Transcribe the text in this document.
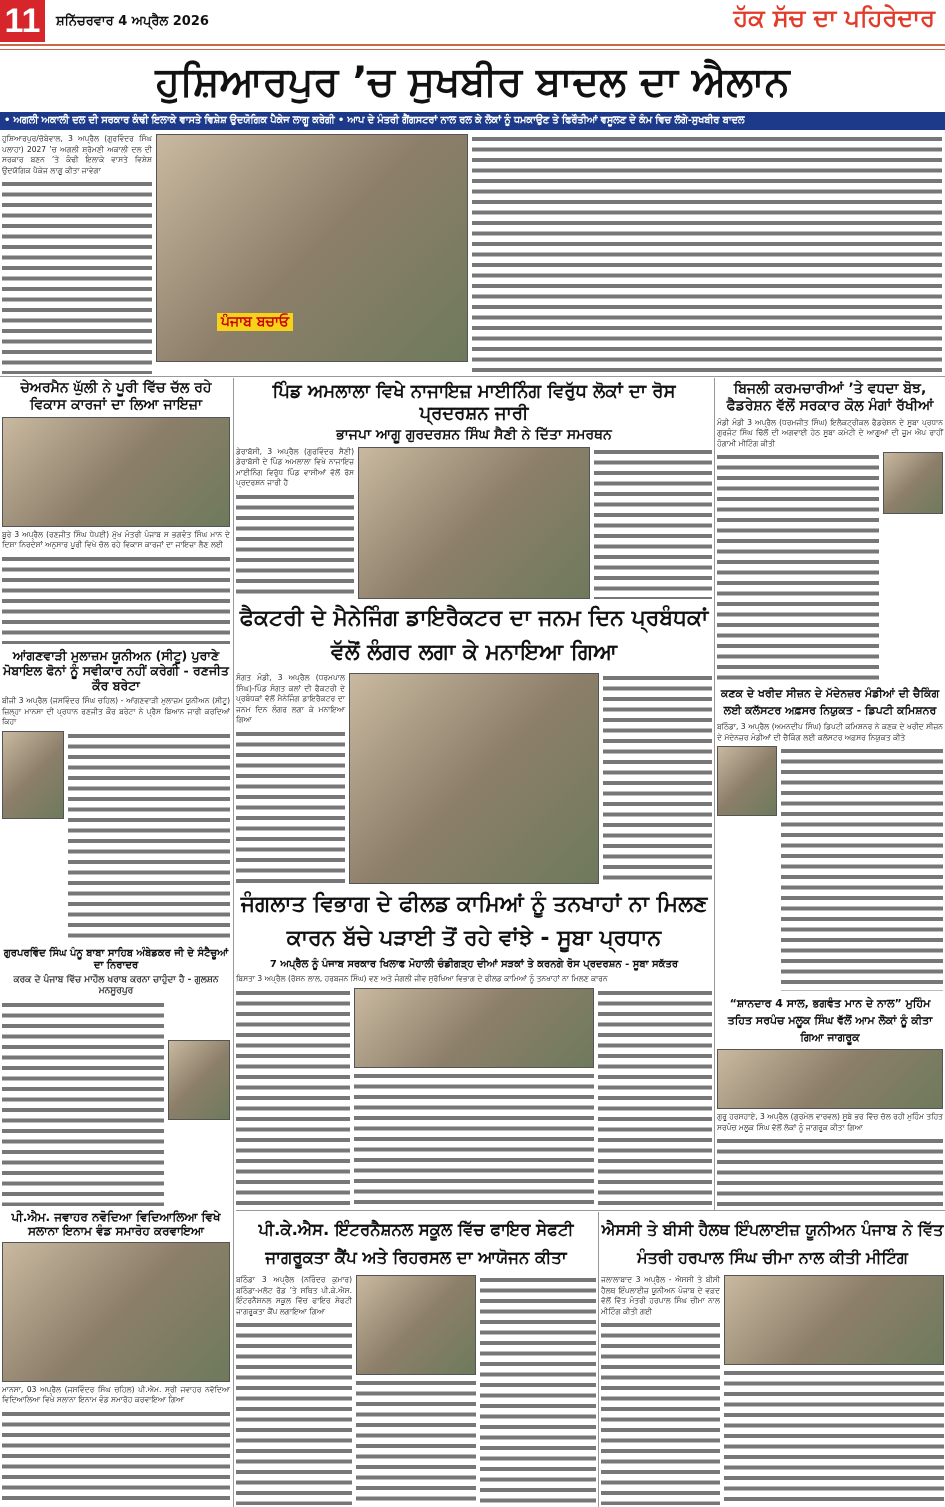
11	ਸ਼ਨਿੱਚਰਵਾਰ 4 ਅਪ੍ਰੈਲ 2026	ਹੱਕ ਸੱਚ ਦਾ ਪਹਿਰੇਦਾਰ
ਹੁਸ਼ਿਆਰਪੁਰ ’ਚ ਸੁਖਬੀਰ ਬਾਦਲ ਦਾ ਐਲਾਨ
• ਅਗਲੀ ਅਕਾਲੀ ਦਲ ਦੀ ਸਰਕਾਰ ਕੰਢੀ ਇਲਾਕੇ ਵਾਸਤੇ ਵਿਸ਼ੇਸ਼ ਉਦਯੋਗਿਕ ਪੈਕੇਜ ਲਾਗੂ ਕਰੇਗੀ • ਆਪ ਦੇ ਮੰਤਰੀ ਗੈਂਗਸਟਰਾਂ ਨਾਲ ਰਲ ਕੇ ਲੋਕਾਂ ਨੂੰ ਧਮਕਾਉਣ ਤੇ ਫਿਰੌਤੀਆਂ ਵਸੂਲਣ ਦੇ ਕੰਮ ਵਿਚ ਲੱਗੇ-ਸੁਖਬੀਰ ਬਾਦਲ
ਹੁਸ਼ਿਆਰਪੁਰ/ਚੱਬੇਵਾਲ, 3 ਅਪ੍ਰੈਲ (ਗੁਰਵਿੰਦਰ ਸਿੰਘ ਪਲਾਹਾ) 2027 ’ਚ ਅਗਲੀ ਸ਼੍ਰੋਮਣੀ ਅਕਾਲੀ ਦਲ ਦੀ ਸਰਕਾਰ ਬਣਨ ’ਤੇ ਕੰਢੀ ਇਲਾਕੇ ਵਾਸਤੇ ਵਿਸ਼ੇਸ਼ ਉਦਯੋਗਿਕ ਪੈਕੇਜ ਲਾਗੂ ਕੀਤਾ ਜਾਵੇਗਾ
ਪੰਜਾਬ ਬਚਾਓ
ਚੇਅਰਮੈਨ ਘੁੱਲੀ ਨੇ ਪੂਰੀ ਵਿੱਚ ਚੱਲ ਰਹੇ ਵਿਕਾਸ ਕਾਰਜਾਂ ਦਾ ਲਿਆ ਜਾਇਜ਼ਾ
ਬੂਰੇ 3 ਅਪ੍ਰੈਲ (ਰਣਜੀਤ ਸਿੰਘ ਧੇਪਈ) ਮੁੱਖ ਮੰਤਰੀ ਪੰਜਾਬ ਸ ਭਗਵੰਤ ਸਿੰਘ ਮਾਨ ਦੇ ਦਿਸ਼ਾ ਨਿਰਦੇਸ਼ਾਂ ਅਨੁਸਾਰ ਪੂਰੀ ਵਿਖੇ ਚੱਲ ਰਹੇ ਵਿਕਾਸ ਕਾਰਜਾਂ ਦਾ ਜਾਇਜ਼ਾ ਲੈਣ ਲਈ
ਆਂਗਣਵਾੜੀ ਮੁਲਾਜ਼ਮ ਯੂਨੀਅਨ (ਸੀਟੂ) ਪੁਰਾਣੇ ਮੋਬਾਇਲ ਫੋਨਾਂ ਨੂੰ ਸਵੀਕਾਰ ਨਹੀਂ ਕਰੇਗੀ - ਰਣਜੀਤ ਕੌਰ ਬਰੇਟਾ
ਬੀਜੀ 3 ਅਪ੍ਰੈਲ (ਜਸਵਿੰਦਰ ਸਿੰਘ ਚਹਿਲ) - ਆਂਗਣਵਾੜੀ ਮੁਲਾਜ਼ਮ ਯੂਨੀਅਨ (ਸੀਟੂ) ਜ਼ਿਲ੍ਹਾ ਮਾਨਸਾ ਦੀ ਪ੍ਰਧਾਨ ਰਣਜੀਤ ਕੌਰ ਬਰੇਟਾ ਨੇ ਪ੍ਰੈਸ ਬਿਆਨ ਜਾਰੀ ਕਰਦਿਆਂ ਕਿਹਾ
ਗੁਰਪਰਵਿੰਦ ਸਿੰਘ ਪੰਨੂ ਬਾਬਾ ਸਾਹਿਬ ਅੰਬੇਡਕਰ ਜੀ ਦੇ ਸੰਟੈਚੂਆਂ ਦਾ ਨਿਰਾਦਰ
ਕਰਕ ਦੇ ਪੰਜਾਬ ਵਿੱਚ ਮਾਹੌਲ ਖਰਾਬ ਕਰਨਾ ਚਾਹੁੰਦਾ ਹੈ - ਗੁਲਸ਼ਨ ਮਨਸੂਰਪੁਰ
ਪੀ.ਐਮ. ਜਵਾਹਰ ਨਵੋਦਿਆ ਵਿਦਿਆਲਿਆ ਵਿਖੇ ਸਲਾਨਾ ਇਨਾਮ ਵੰਡ ਸਮਾਰੋਹ ਕਰਵਾਇਆ
ਮਾਨਸਾ, 03 ਅਪ੍ਰੈਲ (ਜਸਵਿੰਦਰ ਸਿੰਘ ਚਹਿਲ) ਪੀ.ਐਮ. ਸ੍ਰੀ ਜਵਾਹਰ ਨਵੋਦਿਆ ਵਿਦਿਆਲਿਆ ਵਿਖੇ ਸਲਾਨਾ ਇਨਾਮ ਵੰਡ ਸਮਾਰੋਹ ਕਰਵਾਇਆ ਗਿਆ
ਪਿੰਡ ਅਮਲਾਲਾ ਵਿਖੇ ਨਾਜਾਇਜ਼ ਮਾਈਨਿੰਗ ਵਿਰੁੱਧ ਲੋਕਾਂ ਦਾ ਰੋਸ ਪ੍ਰਦਰਸ਼ਨ ਜਾਰੀ
ਭਾਜਪਾ ਆਗੂ ਗੁਰਦਰਸ਼ਨ ਸਿੰਘ ਸੈਣੀ ਨੇ ਦਿੱਤਾ ਸਮਰਥਨ
ਡੇਰਾਬੱਸੀ, 3 ਅਪ੍ਰੈਲ (ਗੁਰਵਿੰਦਰ ਸੈਣੀ) ਡੇਰਾਬੱਸੀ ਦੇ ਪਿੰਡ ਅਮਲਾਲਾ ਵਿਖੇ ਨਾਜਾਇਜ਼ ਮਾਈਨਿੰਗ ਵਿਰੁੱਧ ਪਿੰਡ ਵਾਸੀਆਂ ਵੱਲੋਂ ਰੋਸ ਪ੍ਰਦਰਸ਼ਨ ਜਾਰੀ ਹੈ
ਫੈਕਟਰੀ ਦੇ ਮੈਨੇਜਿੰਗ ਡਾਇਰੈਕਟਰ ਦਾ ਜਨਮ ਦਿਨ ਪ੍ਰਬੰਧਕਾਂ ਵੱਲੋਂ ਲੰਗਰ ਲਗਾ ਕੇ ਮਨਾਇਆ ਗਿਆ
ਸੰਗਤ ਮੰਡੀ, 3 ਅਪ੍ਰੈਲ (ਧਰਮਪਾਲ ਸਿੰਘ)-ਪਿੰਡ ਸੰਗਤ ਕਲਾਂ ਦੀ ਫੈਕਟਰੀ ਦੇ ਪ੍ਰਬੰਧਕਾਂ ਵੱਲੋਂ ਮੈਨੇਜਿੰਗ ਡਾਇਰੈਕਟਰ ਦਾ ਜਨਮ ਦਿਨ ਲੰਗਰ ਲਗਾ ਕੇ ਮਨਾਇਆ ਗਿਆ
ਜੰਗਲਾਤ ਵਿਭਾਗ ਦੇ ਫੀਲਡ ਕਾਮਿਆਂ ਨੂੰ ਤਨਖਾਹਾਂ ਨਾ ਮਿਲਣ ਕਾਰਨ ਬੱਚੇ ਪੜਾਈ ਤੋਂ ਰਹੇ ਵਾਂਝੇ - ਸੂਬਾ ਪ੍ਰਧਾਨ
7 ਅਪ੍ਰੈਲ ਨੂੰ ਪੰਜਾਬ ਸਰਕਾਰ ਖਿਲਾਫ ਮੋਹਾਲੀ ਚੰਡੀਗੜ੍ਹ ਦੀਆਂ ਸੜਕਾਂ ਤੇ ਕਰਨਗੇ ਰੋਸ ਪ੍ਰਦਰਸ਼ਨ - ਸੂਬਾ ਸਕੱਤਰ
ਬਿਸਤਾ 3 ਅਪ੍ਰੈਲ (ਰੋਸ਼ਨ ਲਾਲ, ਹਰਬਜਨ ਸਿੰਘ) ਵਣ ਅਤੇ ਜੰਗਲੀ ਜੀਵ ਸੁਰੱਖਿਆ ਵਿਭਾਗ ਦੇ ਫੀਲਡ ਕਾਮਿਆਂ ਨੂੰ ਤਨਖਾਹਾਂ ਨਾ ਮਿਲਣ ਕਾਰਨ
ਬਿਜਲੀ ਕਰਮਚਾਰੀਆਂ ’ਤੇ ਵਧਦਾ ਬੋਝ, ਫੈਡਰੇਸ਼ਨ ਵੱਲੋਂ ਸਰਕਾਰ ਕੋਲ ਮੰਗਾਂ ਰੱਖੀਆਂ
ਮੰਡੀ ਮੰਡੀ 3 ਅਪ੍ਰੈਲ (ਧਰਮਜੀਤ ਸਿੰਘ) ਇਲੈਕਟ੍ਰੀਕਲ ਫੈਡਰੇਸ਼ਨ ਦੇ ਸੂਬਾ ਪ੍ਰਧਾਨ ਗੁਰਜੰਟ ਸਿੰਘ ਢਿੱਲੋਂ ਦੀ ਅਗਵਾਈ ਹੇਠ ਸੂਬਾ ਕਮੇਟੀ ਦੇ ਆਗੂਆਂ ਦੀ ਜ਼ੂਮ ਐਪ ਰਾਹੀਂ ਹੰਗਾਮੀ ਮੀਟਿੰਗ ਕੀਤੀ
ਕਣਕ ਦੇ ਖਰੀਦ ਸੀਜ਼ਨ ਦੇ ਮੱਦੇਨਜ਼ਰ ਮੰਡੀਆਂ ਦੀ ਚੈਕਿੰਗ ਲਈ ਕਲੱਸਟਰ ਅਫ਼ਸਰ ਨਿਯੁਕਤ - ਡਿਪਟੀ ਕਮਿਸ਼ਨਰ
ਬਠਿੰਡਾ, 3 ਅਪ੍ਰੈਲ (ਅਮਨਦੀਪ ਸਿੰਘ) ਡਿਪਟੀ ਕਮਿਸ਼ਨਰ ਨੇ ਕਣਕ ਦੇ ਖਰੀਦ ਸੀਜ਼ਨ ਦੇ ਮੱਦੇਨਜ਼ਰ ਮੰਡੀਆਂ ਦੀ ਚੈਕਿੰਗ ਲਈ ਕਲੱਸਟਰ ਅਫ਼ਸਰ ਨਿਯੁਕਤ ਕੀਤੇ
“ਸ਼ਾਨਦਾਰ 4 ਸਾਲ, ਭਗਵੰਤ ਮਾਨ ਦੇ ਨਾਲ” ਮੁਹਿੰਮ ਤਹਿਤ ਸਰਪੰਚ ਮਲੂਕ ਸਿੰਘ ਵੱਲੋਂ ਆਮ ਲੋਕਾਂ ਨੂੰ ਕੀਤਾ ਗਿਆ ਜਾਗਰੂਕ
ਗੁਰੂ ਹਰਸਹਾਏ, 3 ਅਪ੍ਰੈਲ (ਗੁਰਮੇਲ ਵਾਰਵਲ) ਸੂਬੇ ਭਰ ਵਿੱਚ ਚੱਲ ਰਹੀ ਮੁਹਿੰਮ ਤਹਿਤ ਸਰਪੰਚ ਮਲੂਕ ਸਿੰਘ ਵੱਲੋਂ ਲੋਕਾਂ ਨੂੰ ਜਾਗਰੂਕ ਕੀਤਾ ਗਿਆ
ਪੀ.ਕੇ.ਐਸ. ਇੰਟਰਨੈਸ਼ਨਲ ਸਕੂਲ ਵਿੱਚ ਫਾਇਰ ਸੇਫਟੀ ਜਾਗਰੂਕਤਾ ਕੈਂਪ ਅਤੇ ਰਿਹਰਸਲ ਦਾ ਆਯੋਜਨ ਕੀਤਾ
ਬਠਿੰਡਾ 3 ਅਪ੍ਰੈਲ (ਨਰਿੰਦਰ ਕੁਮਾਰ) ਬਠਿੰਡਾ-ਮਲੋਟ ਰੋਡ ’ਤੇ ਸਥਿਤ ਪੀ.ਕੇ.ਐਸ. ਇੰਟਰਨੈਸ਼ਨਲ ਸਕੂਲ ਵਿੱਚ ਫਾਇਰ ਸੇਫਟੀ ਜਾਗਰੂਕਤਾ ਕੈਂਪ ਲਗਾਇਆ ਗਿਆ
ਐਸਸੀ ਤੇ ਬੀਸੀ ਹੈਲਥ ਇੰਪਲਾਈਜ਼ ਯੂਨੀਅਨ ਪੰਜਾਬ ਨੇ ਵਿੱਤ ਮੰਤਰੀ ਹਰਪਾਲ ਸਿੰਘ ਚੀਮਾ ਨਾਲ ਕੀਤੀ ਮੀਟਿੰਗ
ਜਲਾਲਾਬਾਦ 3 ਅਪ੍ਰੈਲ - ਐਸਸੀ ਤੇ ਬੀਸੀ ਹੈਲਥ ਇੰਪਲਾਈਜ਼ ਯੂਨੀਅਨ ਪੰਜਾਬ ਦੇ ਵਫ਼ਦ ਵੱਲੋਂ ਵਿੱਤ ਮੰਤਰੀ ਹਰਪਾਲ ਸਿੰਘ ਚੀਮਾ ਨਾਲ ਮੀਟਿੰਗ ਕੀਤੀ ਗਈ
